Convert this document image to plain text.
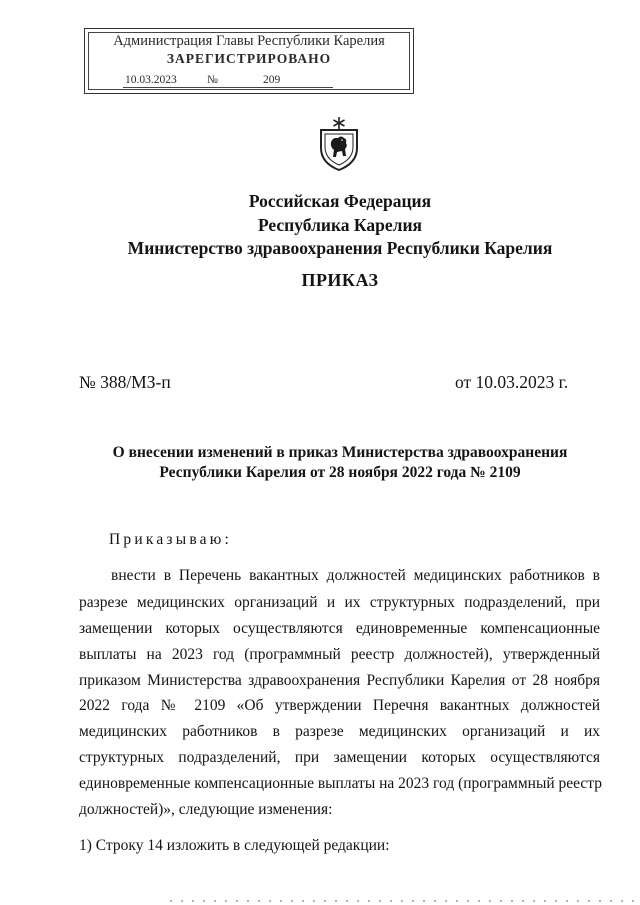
Администрация Главы Республики Карелия
ЗАРЕГИСТРИРОВАНО
10.03.2023	№	209
Российская Федерация
Республика Карелия
Министерство здравоохранения Республики Карелия
ПРИКАЗ
№ 388/МЗ-п	от 10.03.2023 г.
О внесении изменений в приказ Министерства здравоохранения
Республики Карелия от 28 ноября 2022 года № 2109
Приказываю:
внести в Перечень вакантных должностей медицинских работников в
разрезе медицинских организаций и их структурных подразделений, при
замещении которых осуществляются единовременные компенсационные
выплаты на 2023 год (программный реестр должностей), утвержденный
приказом Министерства здравоохранения Республики Карелия от 28 ноября
2022 года № 2109 «Об утверждении Перечня вакантных должностей
медицинских работников в разрезе медицинских организаций и их
структурных подразделений, при замещении которых осуществляются
единовременные компенсационные выплаты на 2023 год (программный реестр
должностей)», следующие изменения:
1) Строку 14 изложить в следующей редакции:
